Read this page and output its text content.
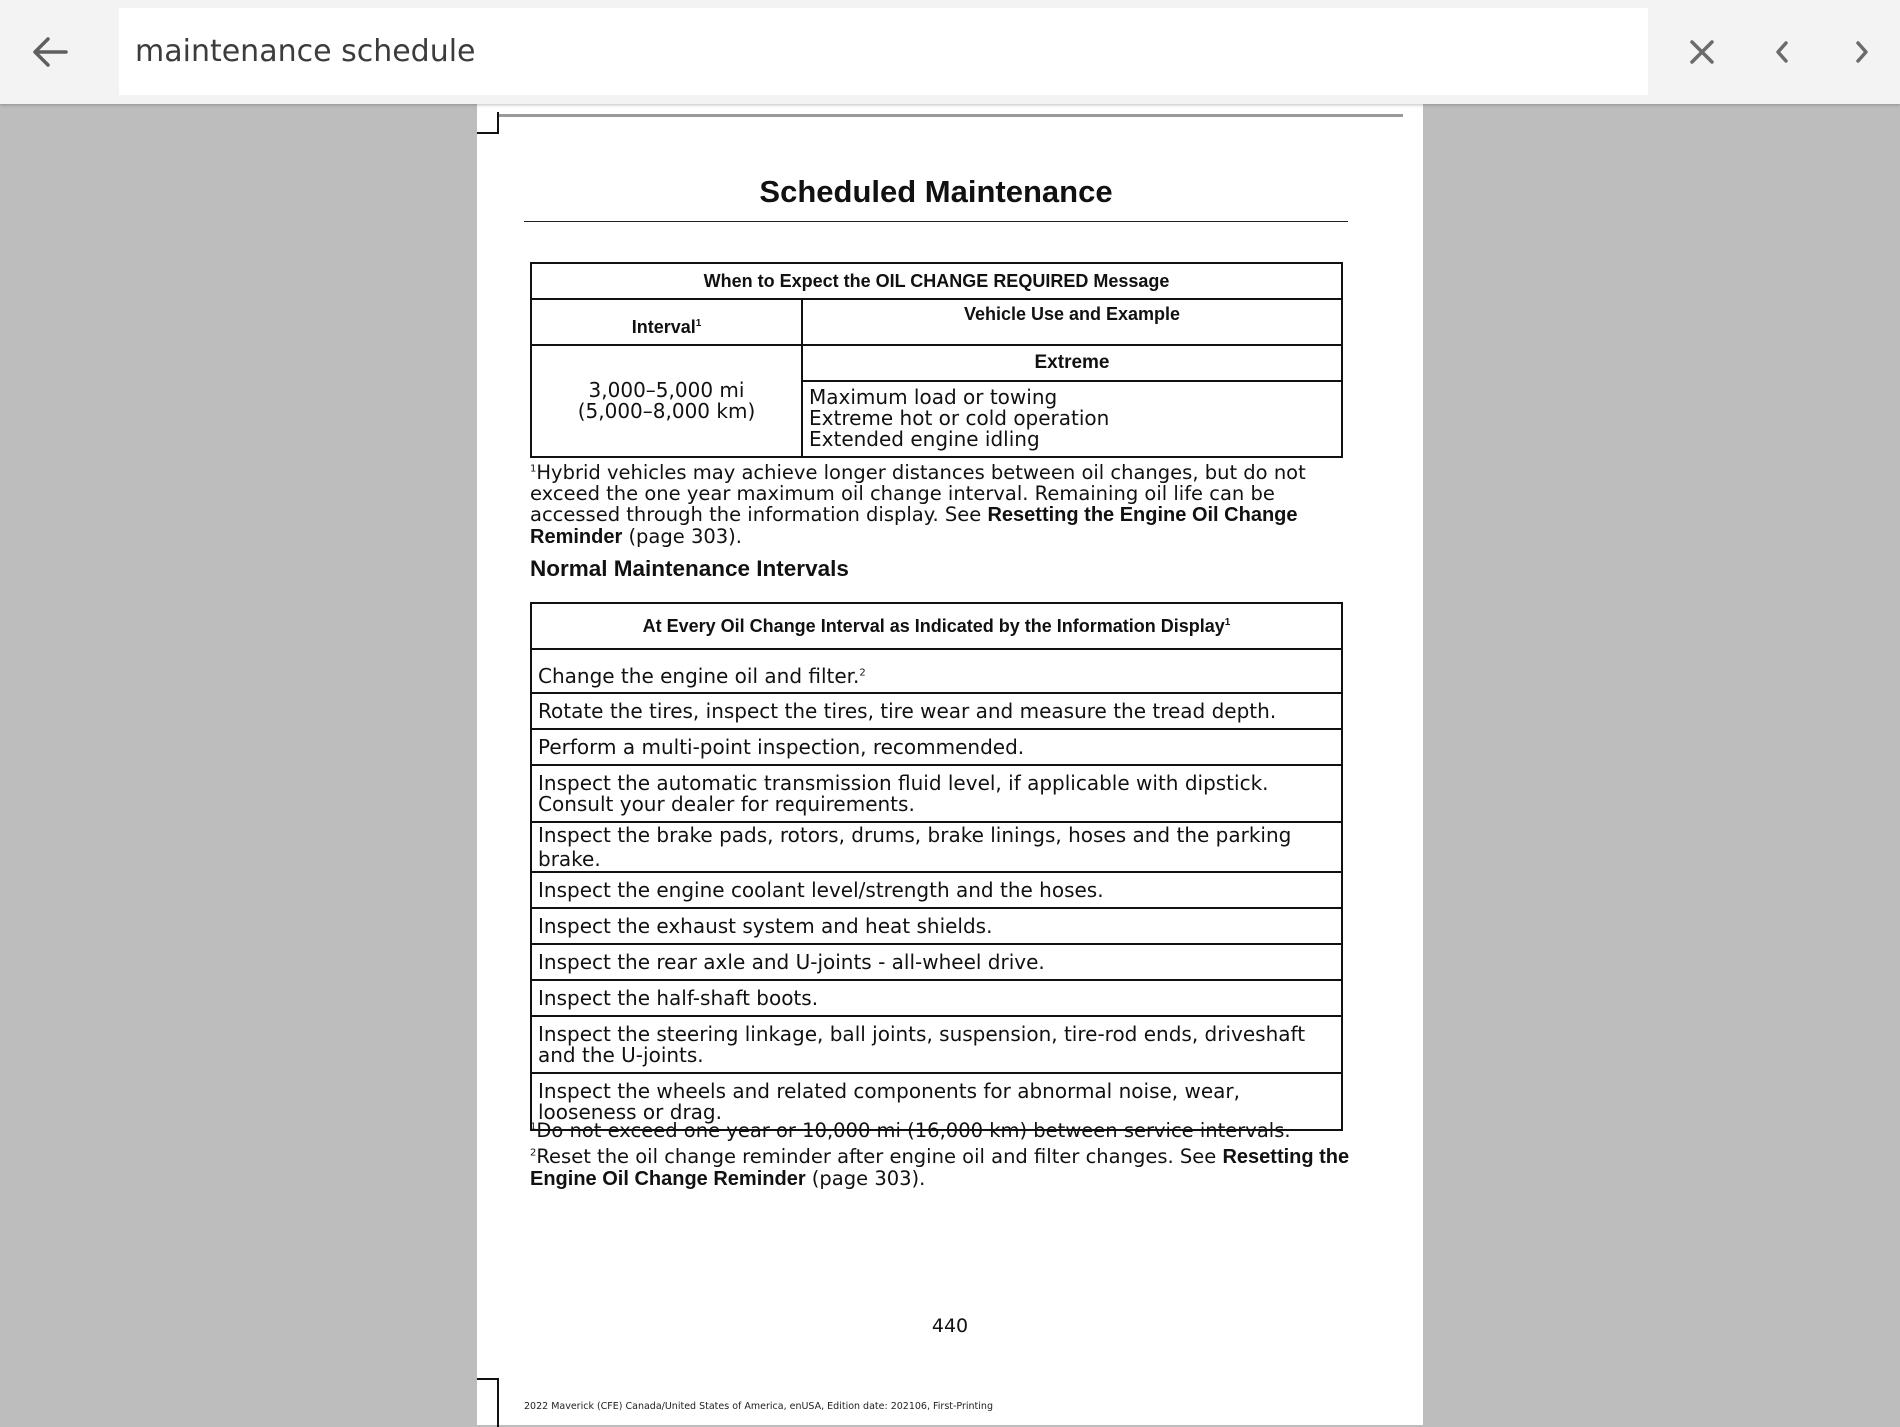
maintenance schedule
Scheduled Maintenance
When to Expect the OIL CHANGE REQUIRED Message	
Interval$^1$	Vehicle Use and Example

3,000–5,000 mi
(5,000–8,000 km)	Extreme

	Maximum load or towing
Extreme hot or cold operation
Extended engine idling
$^1$Hybrid vehicles may achieve longer distances between oil changes, but do not exceed the one year maximum oil change interval. Remaining oil life can be accessed through the information display. See Resetting the Engine Oil Change Reminder (page 303).
Normal Maintenance Intervals
At Every Oil Change Interval as Indicated by the Information Display$^1$
Change the engine oil and filter.$^2$
Rotate the tires, inspect the tires, tire wear and measure the tread depth.
Perform a multi-point inspection, recommended.
Inspect the automatic transmission fluid level, if applicable with dipstick. Consult your dealer for requirements.
Inspect the brake pads, rotors, drums, brake linings, hoses and the parking brake.
Inspect the engine coolant level/strength and the hoses.
Inspect the exhaust system and heat shields.
Inspect the rear axle and U-joints - all-wheel drive.
Inspect the half-shaft boots.
Inspect the steering linkage, ball joints, suspension, tire-rod ends, driveshaft and the U-joints.
Inspect the wheels and related components for abnormal noise, wear, looseness or drag.
$^1$Do not exceed one year or 10,000 mi (16,000 km) between service intervals.
$^2$Reset the oil change reminder after engine oil and filter changes. See Resetting the Engine Oil Change Reminder (page 303).
440
2022 Maverick (CFE) Canada/United States of America, enUSA, Edition date: 202106, First-Printing
